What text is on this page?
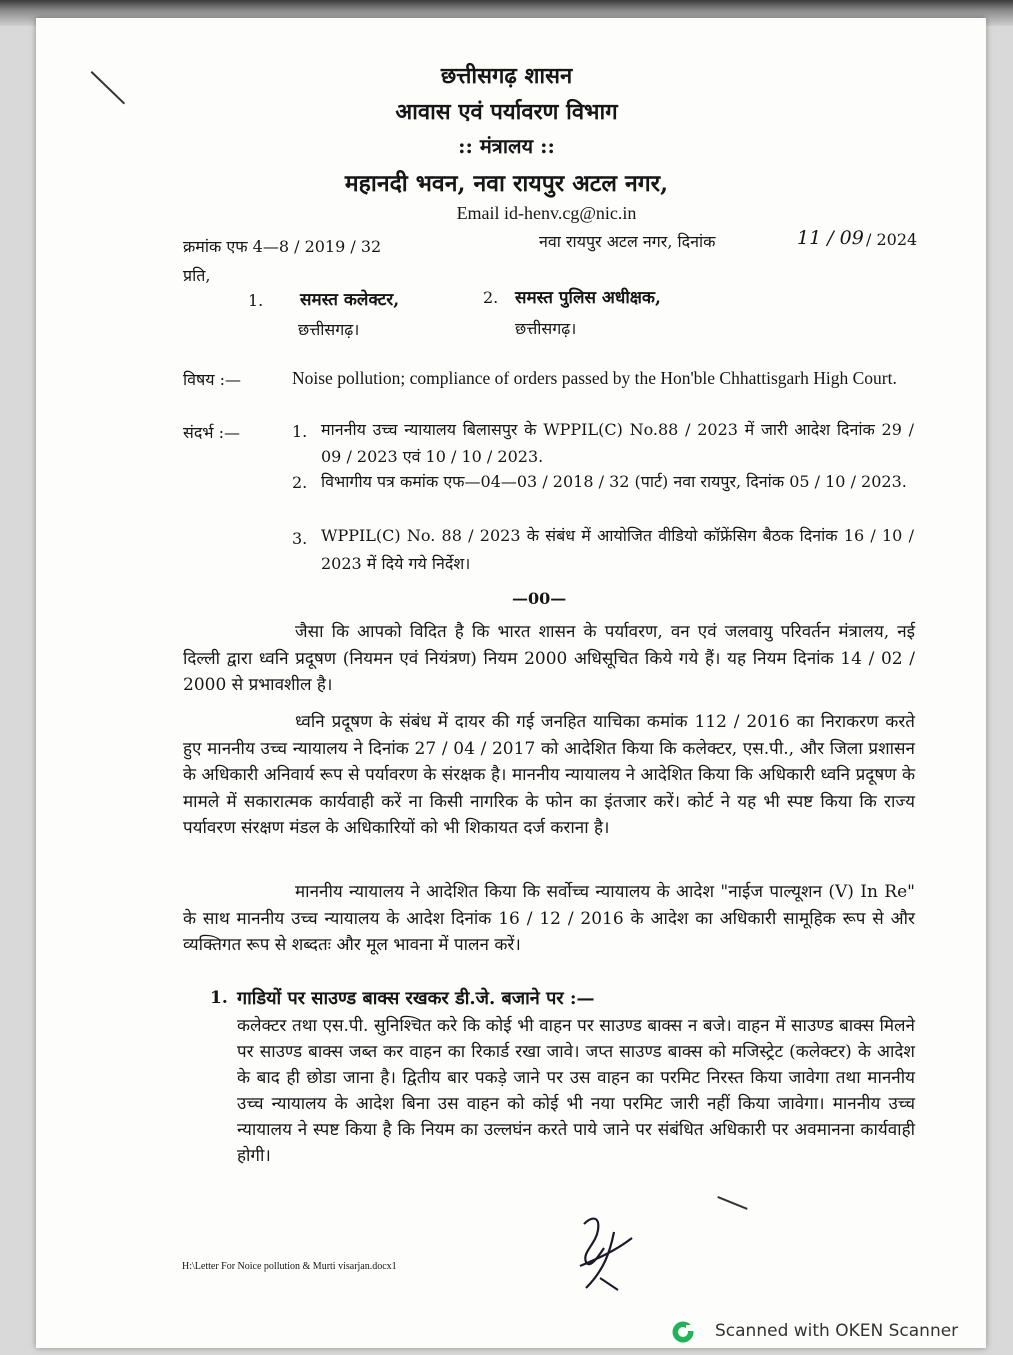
छत्तीसगढ़ शासन
आवास एवं पर्यावरण विभाग
:: मंत्रालय ::
महानदी भवन, नवा रायपुर अटल नगर,
Email id-henv.cg@nic.in
क्रमांक एफ 4—8 / 2019 / 32	नवा रायपुर अटल नगर, दिनांक	11 / 09 / 2024
प्रति,
1. समस्त कलेक्टर,
छत्तीसगढ़।
2. समस्त पुलिस अधीक्षक,
छत्तीसगढ़।
विषय :—	Noise pollution; compliance of orders passed by the Hon'ble Chhattisgarh High Court.
संदर्भ :—	1. माननीय उच्च न्यायालय बिलासपुर के WPPIL(C) No.88 / 2023 में जारी आदेश दिनांक 29 / 09 / 2023 एवं 10 / 10 / 2023.
2. विभागीय पत्र कमांक एफ—04—03 / 2018 / 32 (पार्ट) नवा रायपुर, दिनांक 05 / 10 / 2023.
3. WPPIL(C) No. 88 / 2023 के संबंध में आयोजित वीडियो कॉफ्रेंसिग बैठक दिनांक 16 / 10 / 2023 में दिये गये निर्देश।
—00—
जैसा कि आपको विदित है कि भारत शासन के पर्यावरण, वन एवं जलवायु परिवर्तन मंत्रालय, नई दिल्ली द्वारा ध्वनि प्रदूषण (नियमन एवं नियंत्रण) नियम 2000 अधिसूचित किये गये हैं। यह नियम दिनांक 14 / 02 / 2000 से प्रभावशील है।
ध्वनि प्रदूषण के संबंध में दायर की गई जनहित याचिका कमांक 112 / 2016 का निराकरण करते हुए माननीय उच्च न्यायालय ने दिनांक 27 / 04 / 2017 को आदेशित किया कि कलेक्टर, एस.पी., और जिला प्रशासन के अधिकारी अनिवार्य रूप से पर्यावरण के संरक्षक है। माननीय न्यायालय ने आदेशित किया कि अधिकारी ध्वनि प्रदूषण के मामले में सकारात्मक कार्यवाही करें ना किसी नागरिक के फोन का इंतजार करें। कोर्ट ने यह भी स्पष्ट किया कि राज्य पर्यावरण संरक्षण मंडल के अधिकारियों को भी शिकायत दर्ज कराना है।
माननीय न्यायालय ने आदेशित किया कि सर्वोच्च न्यायालय के आदेश "नाईज पाल्यूशन (V) In Re" के साथ माननीय उच्च न्यायालय के आदेश दिनांक 16 / 12 / 2016 के आदेश का अधिकारी सामूहिक रूप से और व्यक्तिगत रूप से शब्दतः और मूल भावना में पालन करें।
1. गाडियों पर साउण्ड बाक्स रखकर डी.जे. बजाने पर :—
कलेक्टर तथा एस.पी. सुनिश्चित करे कि कोई भी वाहन पर साउण्ड बाक्स न बजे। वाहन में साउण्ड बाक्स मिलने पर साउण्ड बाक्स जब्त कर वाहन का रिकार्ड रखा जावे। जप्त साउण्ड बाक्स को मजिस्ट्रेट (कलेक्टर) के आदेश के बाद ही छोडा जाना है। द्वितीय बार पकड़े जाने पर उस वाहन का परमिट निरस्त किया जावेगा तथा माननीय उच्च न्यायालय के आदेश बिना उस वाहन को कोई भी नया परमिट जारी नहीं किया जावेगा। माननीय उच्च न्यायालय ने स्पष्ट किया है कि नियम का उल्लघंन करते पाये जाने पर संबंधित अधिकारी पर अवमानना कार्यवाही होगी।
H:\Letter For Noice pollution & Murti visarjan.docx1
Scanned with OKEN Scanner
